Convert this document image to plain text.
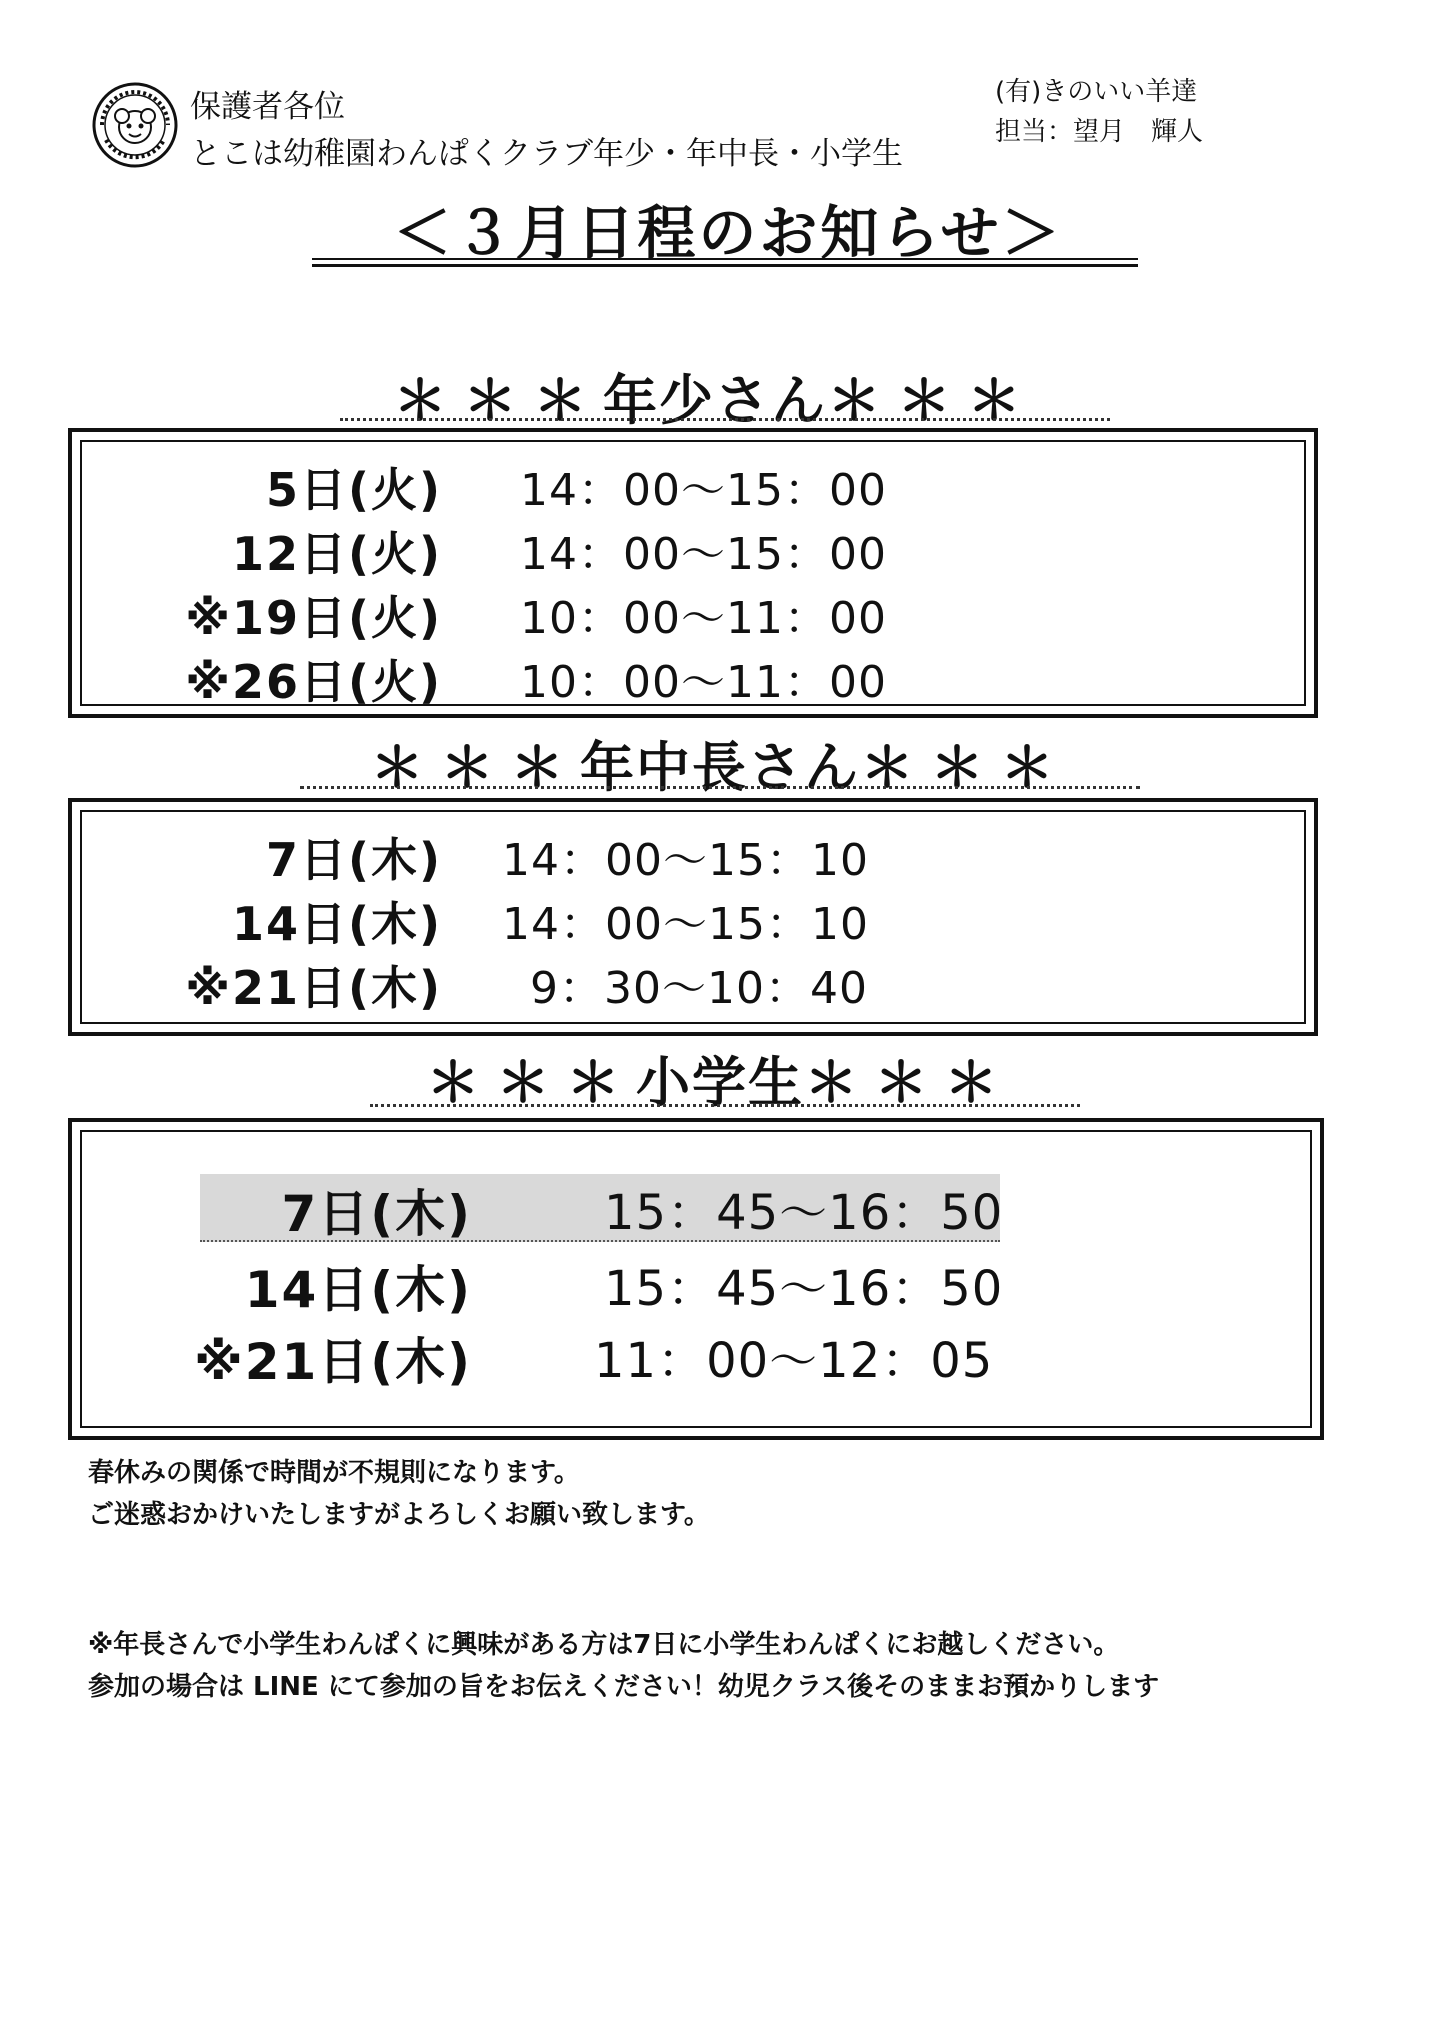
保護者各位
とこは幼稚園わんぱくクラブ年少・年中長・小学生
(有)きのいい羊達
担当：望月　輝人
＜３月日程のお知らせ＞
＊＊＊年少さん＊＊＊
5日(火) 14：00～15：00
12日(火) 14：00～15：00
※19日(火) 10：00～11：00
※26日(火) 10：00～11：00
＊＊＊年中長さん＊＊＊
7日(木) 14：00～15：10
14日(木) 14：00～15：10
※21日(木) 9：30～10：40
＊＊＊小学生＊＊＊
7日(木)	15：45～16：50
14日(木)	15：45～16：50
※21日(木)	11：00～12：05
春休みの関係で時間が不規則になります。
ご迷惑おかけいたしますがよろしくお願い致します。
※年長さんで小学生わんぱくに興味がある方は7日に小学生わんぱくにお越しください。
参加の場合は LINE にて参加の旨をお伝えください！幼児クラス後そのままお預かりします
